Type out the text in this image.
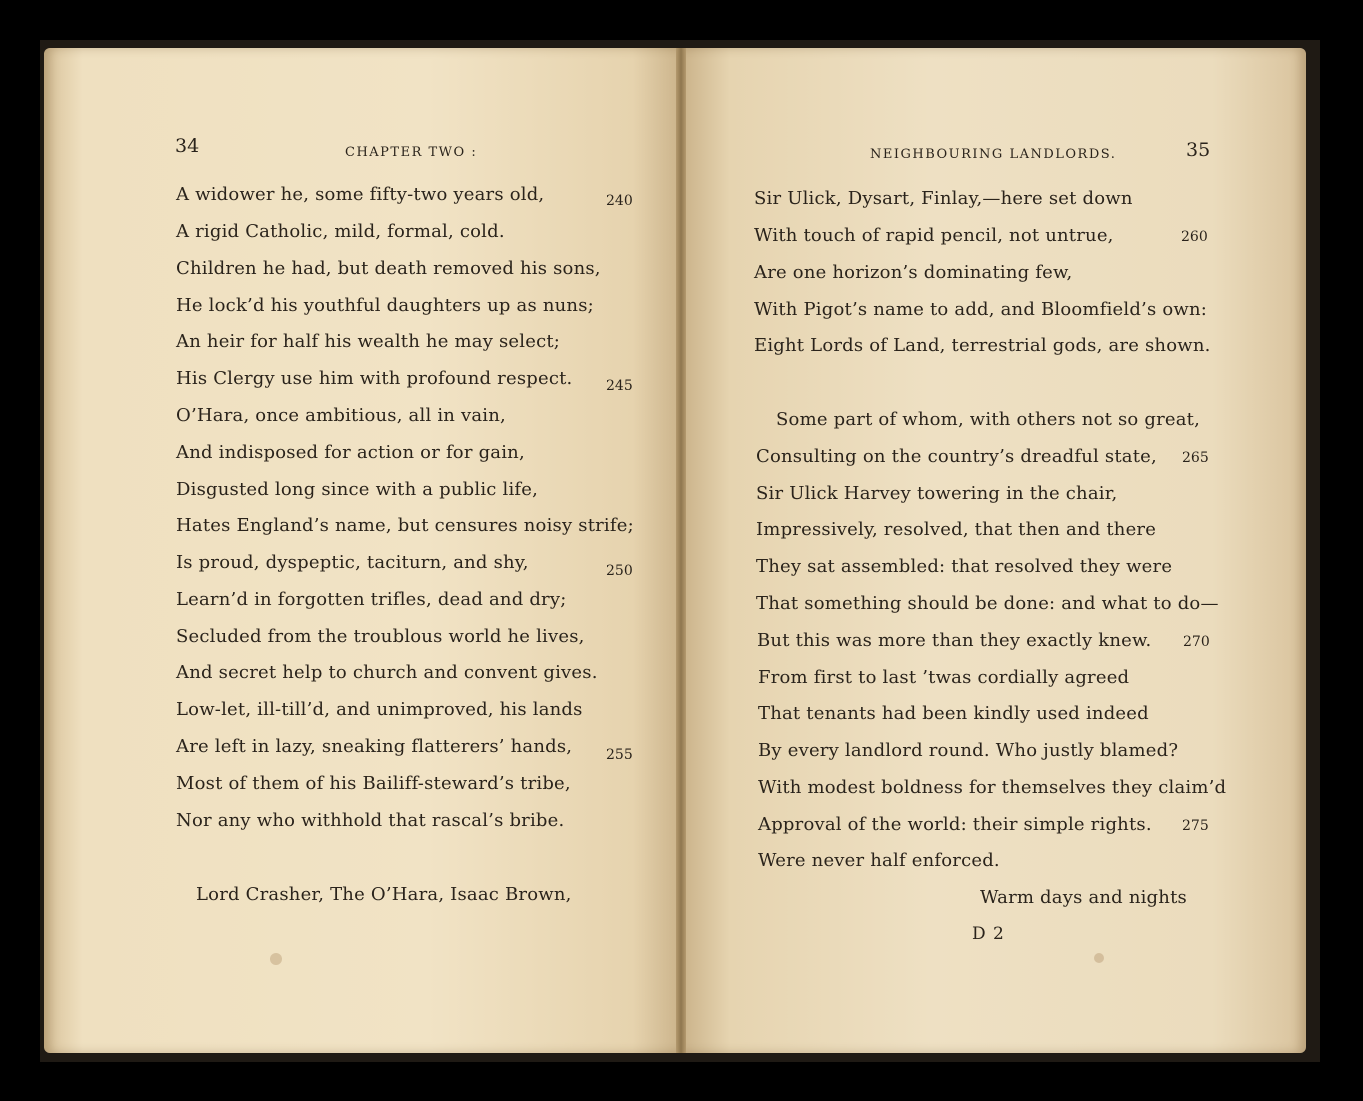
34	CHAPTER TWO :
A widower he, some fifty-two years old,	240
A rigid Catholic, mild, formal, cold.
Children he had, but death removed his sons,
He lock’d his youthful daughters up as nuns;
An heir for half his wealth he may select;
His Clergy use him with profound respect. 245
O’Hara, once ambitious, all in vain,
And indisposed for action or for gain,
Disgusted long since with a public life,
Hates England’s name, but censures noisy strife;
Is proud, dyspeptic, taciturn, and shy,	250
Learn’d in forgotten trifles, dead and dry;
Secluded from the troublous world he lives,
And secret help to church and convent gives.
Low-let, ill-till’d, and unimproved, his lands
Are left in lazy, sneaking flatterers’ hands, 255
Most of them of his Bailiff-steward’s tribe,
Nor any who withhold that rascal’s bribe.
Lord Crasher, The O’Hara, Isaac Brown,
NEIGHBOURING LANDLORDS.	35
Sir Ulick, Dysart, Finlay,—here set down
With touch of rapid pencil, not untrue,	260
Are one horizon’s dominating few,
With Pigot’s name to add, and Bloomfield’s own:
Eight Lords of Land, terrestrial gods, are shown.
Some part of whom, with others not so great,
Consulting on the country’s dreadful state, 265
Sir Ulick Harvey towering in the chair,
Impressively, resolved, that then and there
They sat assembled: that resolved they were
That something should be done: and what to do—
But this was more than they exactly knew. 270
From first to last ’twas cordially agreed
That tenants had been kindly used indeed
By every landlord round. Who justly blamed?
With modest boldness for themselves they claim’d
Approval of the world: their simple rights. 275
Were never half enforced.
Warm days and nights
D 2
